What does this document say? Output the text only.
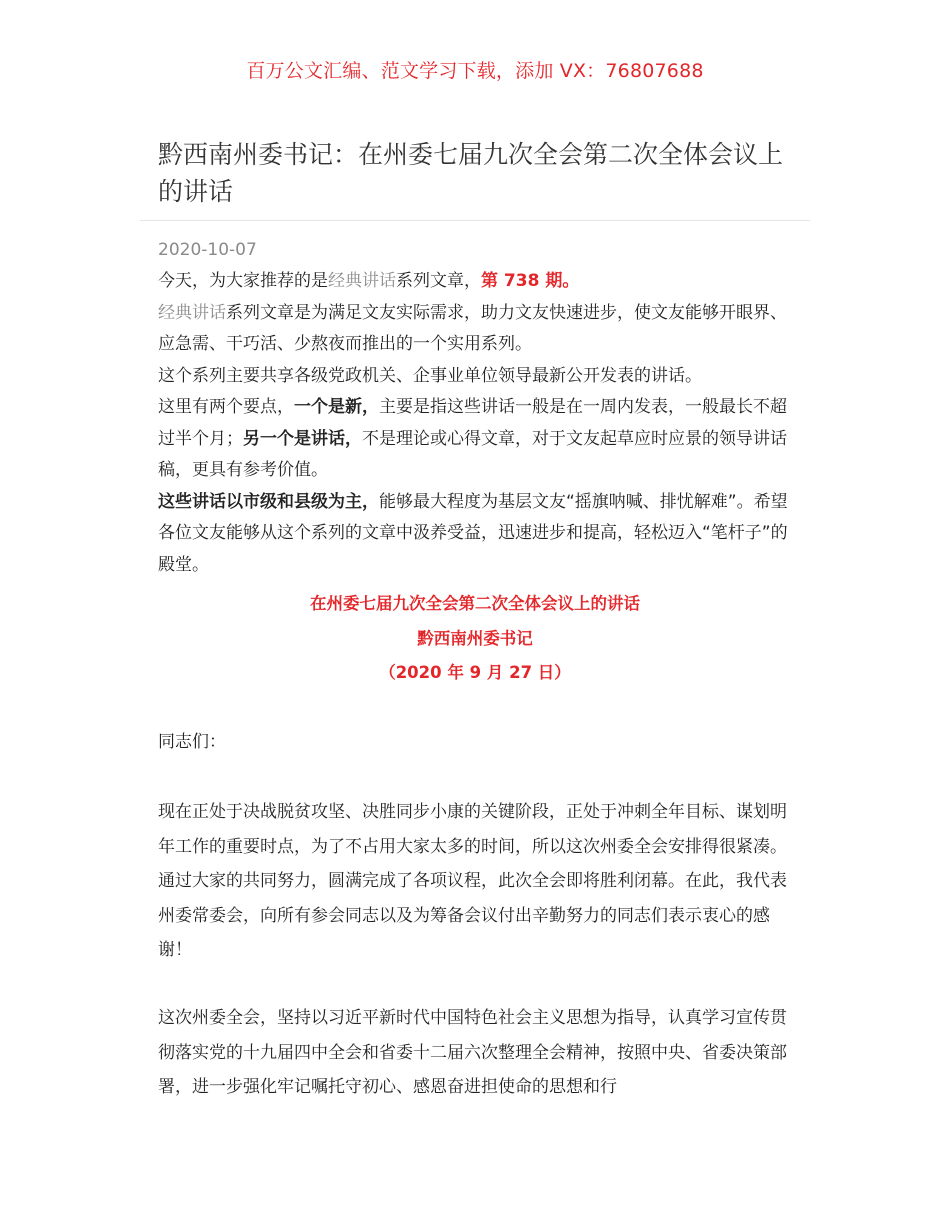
百万公文汇编、范文学习下载，添加 VX：76807688
黔西南州委书记：在州委七届九次全会第二次全体会议上的讲话
2020-10-07

今天，为大家推荐的是经典讲话系列文章，第 738 期。

经典讲话系列文章是为满足文友实际需求，助力文友快速进步，使文友能够开眼界、应急需、干巧活、少熬夜而推出的一个实用系列。

这个系列主要共享各级党政机关、企事业单位领导最新公开发表的讲话。

这里有两个要点，一个是新，主要是指这些讲话一般是在一周内发表，一般最长不超过半个月；另一个是讲话，不是理论或心得文章，对于文友起草应时应景的领导讲话稿，更具有参考价值。

这些讲话以市级和县级为主，能够最大程度为基层文友“摇旗呐喊、排忧解难”。希望各位文友能够从这个系列的文章中汲养受益，迅速进步和提高，轻松迈入“笔杆子”的殿堂。

在州委七届九次全会第二次全体会议上的讲话
黔西南州委书记
（2020 年 9 月 27 日）
同志们：

现在正处于决战脱贫攻坚、决胜同步小康的关键阶段，正处于冲刺全年目标、谋划明年工作的重要时点，为了不占用大家太多的时间，所以这次州委全会安排得很紧凑。通过大家的共同努力，圆满完成了各项议程，此次全会即将胜利闭幕。在此，我代表州委常委会，向所有参会同志以及为筹备会议付出辛勤努力的同志们表示衷心的感谢！

这次州委全会，坚持以习近平新时代中国特色社会主义思想为指导，认真学习宣传贯彻落实党的十九届四中全会和省委十二届六次整理全会精神，按照中央、省委决策部署，进一步强化牢记嘱托守初心、感恩奋进担使命的思想和行
